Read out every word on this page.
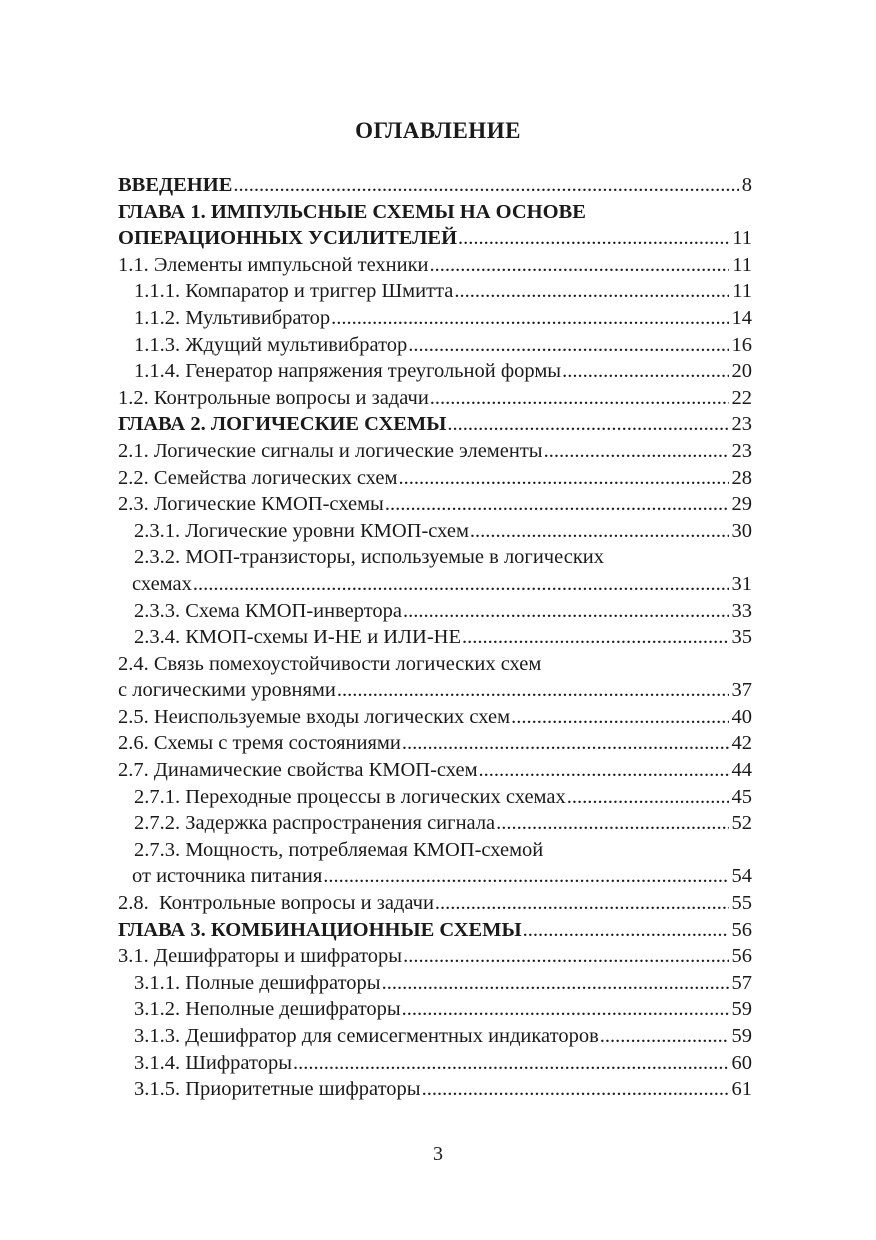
ОГЛАВЛЕНИЕ
ВВЕДЕНИЕ .....	8
ГЛАВА 1. ИМПУЛЬСНЫЕ СХЕМЫ НА ОСНОВЕ
ОПЕРАЦИОННЫХ УСИЛИТЕЛЕЙ .....	11
1.1. Элементы импульсной техники .....	11
1.1.1. Компаратор и триггер Шмитта .....	11
1.1.2. Мультивибратор .....	14
1.1.3. Ждущий мультивибратор .....	16
1.1.4. Генератор напряжения треугольной формы .....	20
1.2. Контрольные вопросы и задачи .....	22
ГЛАВА 2. ЛОГИЧЕСКИЕ СХЕМЫ .....	23
2.1. Логические сигналы и логические элементы .....	23
2.2. Семейства логических схем .....	28
2.3. Логические КМОП-схемы .....	29
2.3.1. Логические уровни КМОП-схем .....	30
2.3.2. МОП-транзисторы, используемые в логических
схемах .....	31
2.3.3. Схема КМОП-инвертора .....	33
2.3.4. КМОП-схемы И-НЕ и ИЛИ-НЕ .....	35
2.4. Связь помехоустойчивости логических схем
с логическими уровнями .....	37
2.5. Неиспользуемые входы логических схем .....	40
2.6. Схемы с тремя состояниями .....	42
2.7. Динамические свойства КМОП-схем .....	44
2.7.1. Переходные процессы в логических схемах .....	45
2.7.2. Задержка распространения сигнала .....	52
2.7.3. Мощность, потребляемая КМОП-схемой
от источника питания .....	54
2.8.  Контрольные вопросы и задачи .....	55
ГЛАВА 3. КОМБИНАЦИОННЫЕ СХЕМЫ .....	56
3.1. Дешифраторы и шифраторы .....	56
3.1.1. Полные дешифраторы .....	57
3.1.2. Неполные дешифраторы .....	59
3.1.3. Дешифратор для семисегментных индикаторов .....	59
3.1.4. Шифраторы .....	60
3.1.5. Приоритетные шифраторы .....	61
3
